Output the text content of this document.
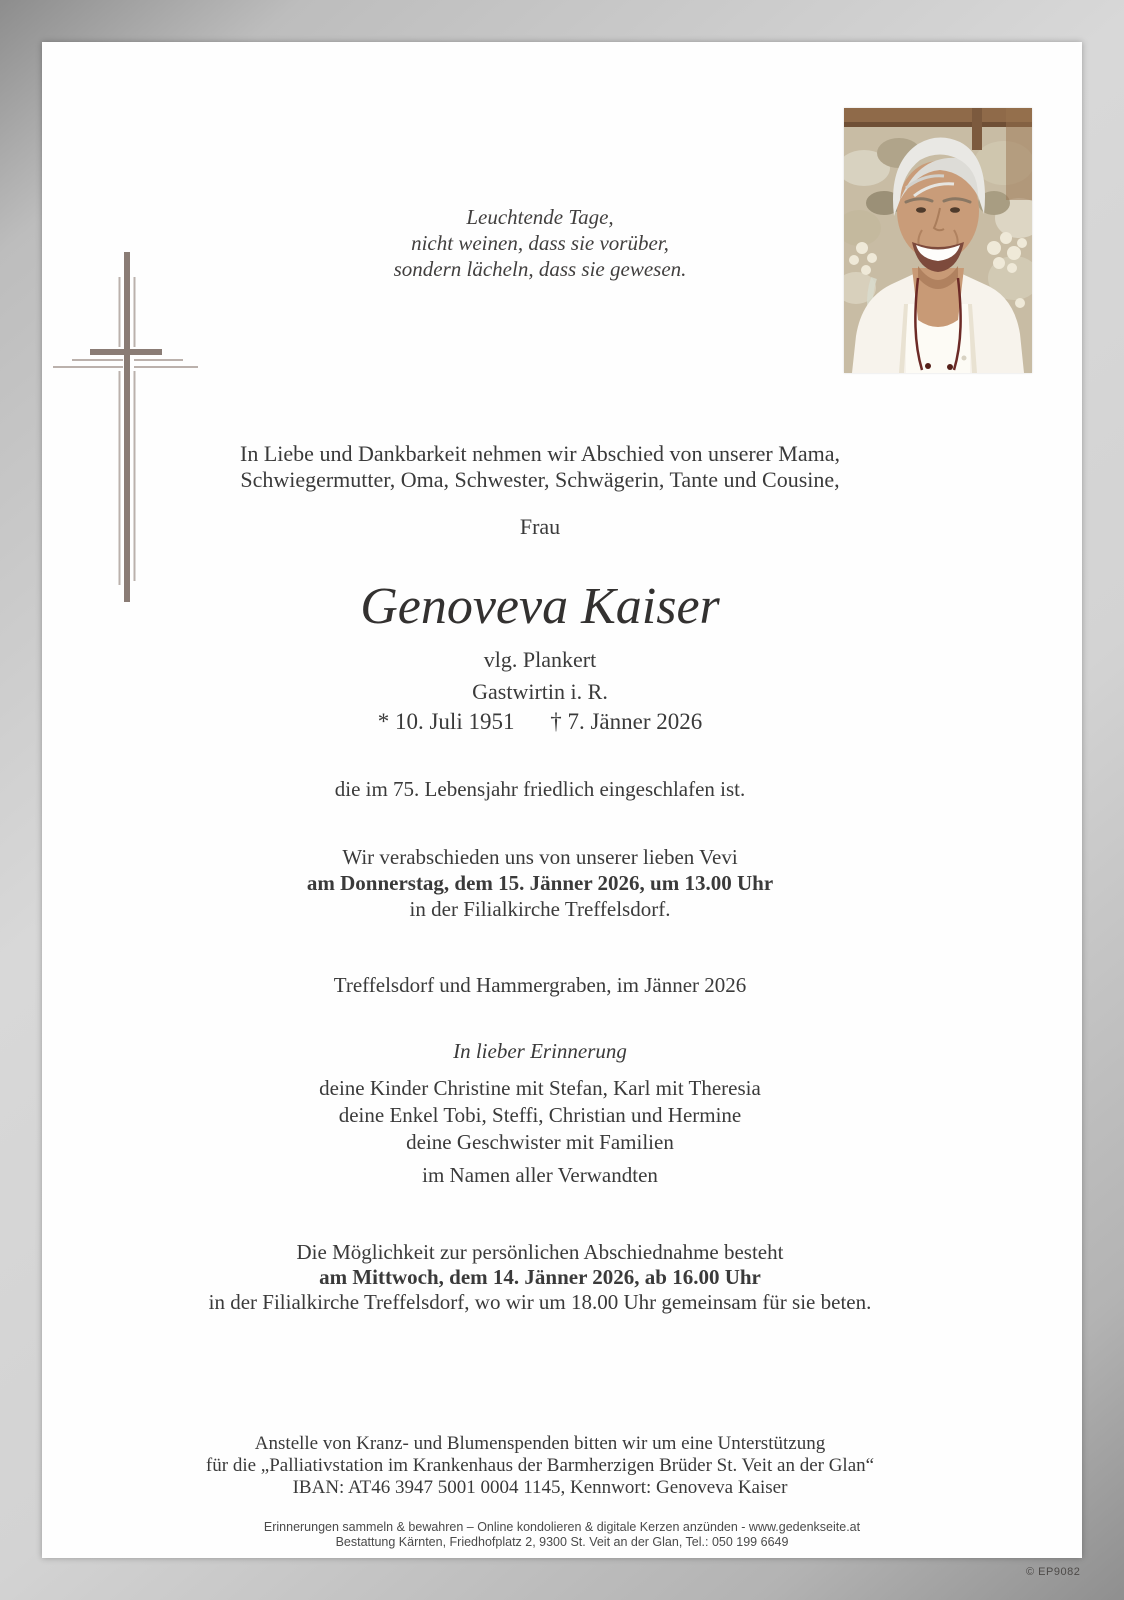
Leuchtende Tage,
nicht weinen, dass sie vorüber,
sondern lächeln, dass sie gewesen.
In Liebe und Dankbarkeit nehmen wir Abschied von unserer Mama,
Schwiegermutter, Oma, Schwester, Schwägerin, Tante und Cousine,
Frau
Genoveva Kaiser
vlg. Plankert
Gastwirtin i. R.
* 10. Juli 1951 † 7. Jänner 2026
die im 75. Lebensjahr friedlich eingeschlafen ist.
Wir verabschieden uns von unserer lieben Vevi
am Donnerstag, dem 15. Jänner 2026, um 13.00 Uhr
in der Filialkirche Treffelsdorf.
Treffelsdorf und Hammergraben, im Jänner 2026
In lieber Erinnerung
deine Kinder Christine mit Stefan, Karl mit Theresia
deine Enkel Tobi, Steffi, Christian und Hermine
deine Geschwister mit Familien
im Namen aller Verwandten
Die Möglichkeit zur persönlichen Abschiednahme besteht
am Mittwoch, dem 14. Jänner 2026, ab 16.00 Uhr
in der Filialkirche Treffelsdorf, wo wir um 18.00 Uhr gemeinsam für sie beten.
Anstelle von Kranz- und Blumenspenden bitten wir um eine Unterstützung
für die „Palliativstation im Krankenhaus der Barmherzigen Brüder St. Veit an der Glan“
IBAN: AT46 3947 5001 0004 1145, Kennwort: Genoveva Kaiser
Erinnerungen sammeln & bewahren – Online kondolieren & digitale Kerzen anzünden - www.gedenkseite.at
Bestattung Kärnten, Friedhofplatz 2, 9300 St. Veit an der Glan, Tel.: 050 199 6649
© EP9082
